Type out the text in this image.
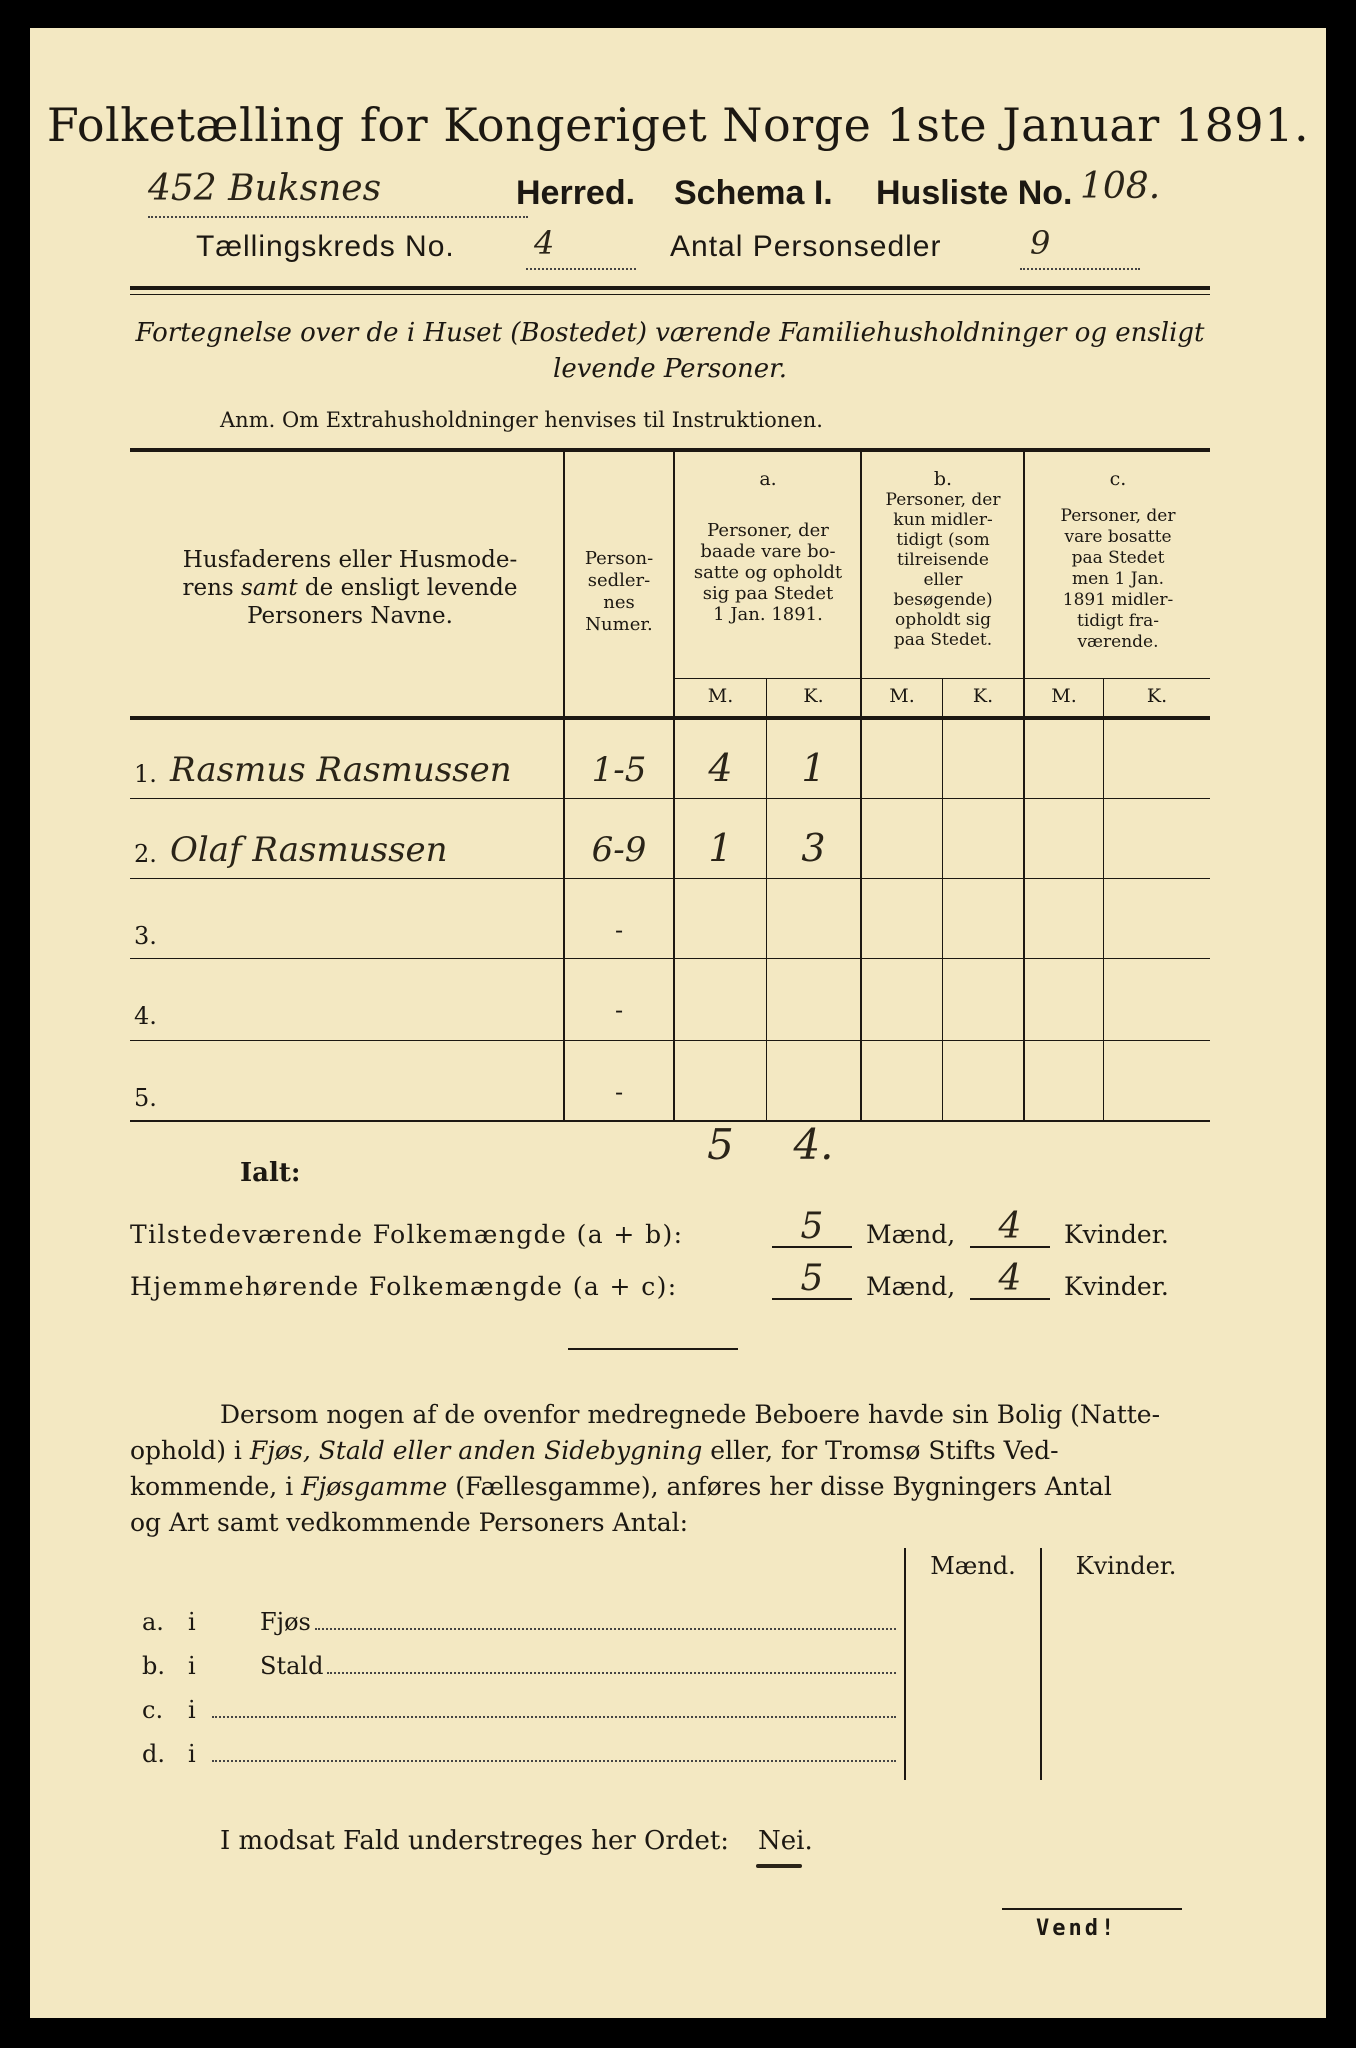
Folketælling for Kongeriget Norge 1ste Januar 1891.
452 Buksnes	Herred. Schema I. Husliste No. 108.
Tællingskreds No. 4	Antal Personsedler	9
Fortegnelse over de i Huset (Bostedet) værende Familiehusholdninger og ensligt
levende Personer.
Anm. Om Extrahusholdninger henvises til Instruktionen.
Husfaderens eller Husmode-
rens samt de ensligt levende
Personers Navne.
Person-
sedler-
nes
Numer.
a.
Personer, der
baade vare bo-
satte og opholdt
sig paa Stedet
1 Jan. 1891.
b.
Personer, der
kun midler-
tidigt (som
tilreisende
eller
besøgende)
opholdt sig
paa Stedet.
c.
Personer, der
vare bosatte
paa Stedet
men 1 Jan.
1891 midler-
tidigt fra-
værende.
M.	K.	M.	K.	M.	K.
1. Rasmus Rasmussen	1-5	4	1
2. Olaf Rasmussen	6-9	1	3
3.	-
4.	-
5.	-
Ialt:
5	4.
Tilstedeværende Folkemængde (a + b):	5	Mænd,	4	Kvinder.
Hjemmehørende Folkemængde (a + c):	5	Mænd,	4	Kvinder.
Dersom nogen af de ovenfor medregnede Beboere havde sin Bolig (Natte-
ophold) i Fjøs, Stald eller anden Sidebygning eller, for Tromsø Stifts Ved-
kommende, i Fjøsgamme (Fællesgamme), anføres her disse Bygningers Antal
og Art samt vedkommende Personers Antal:
Mænd.	Kvinder.
a.	i	Fjøs
b. i	Stald
c.	i
d. i
I modsat Fald understreges her Ordet: Nei.
Vend!
